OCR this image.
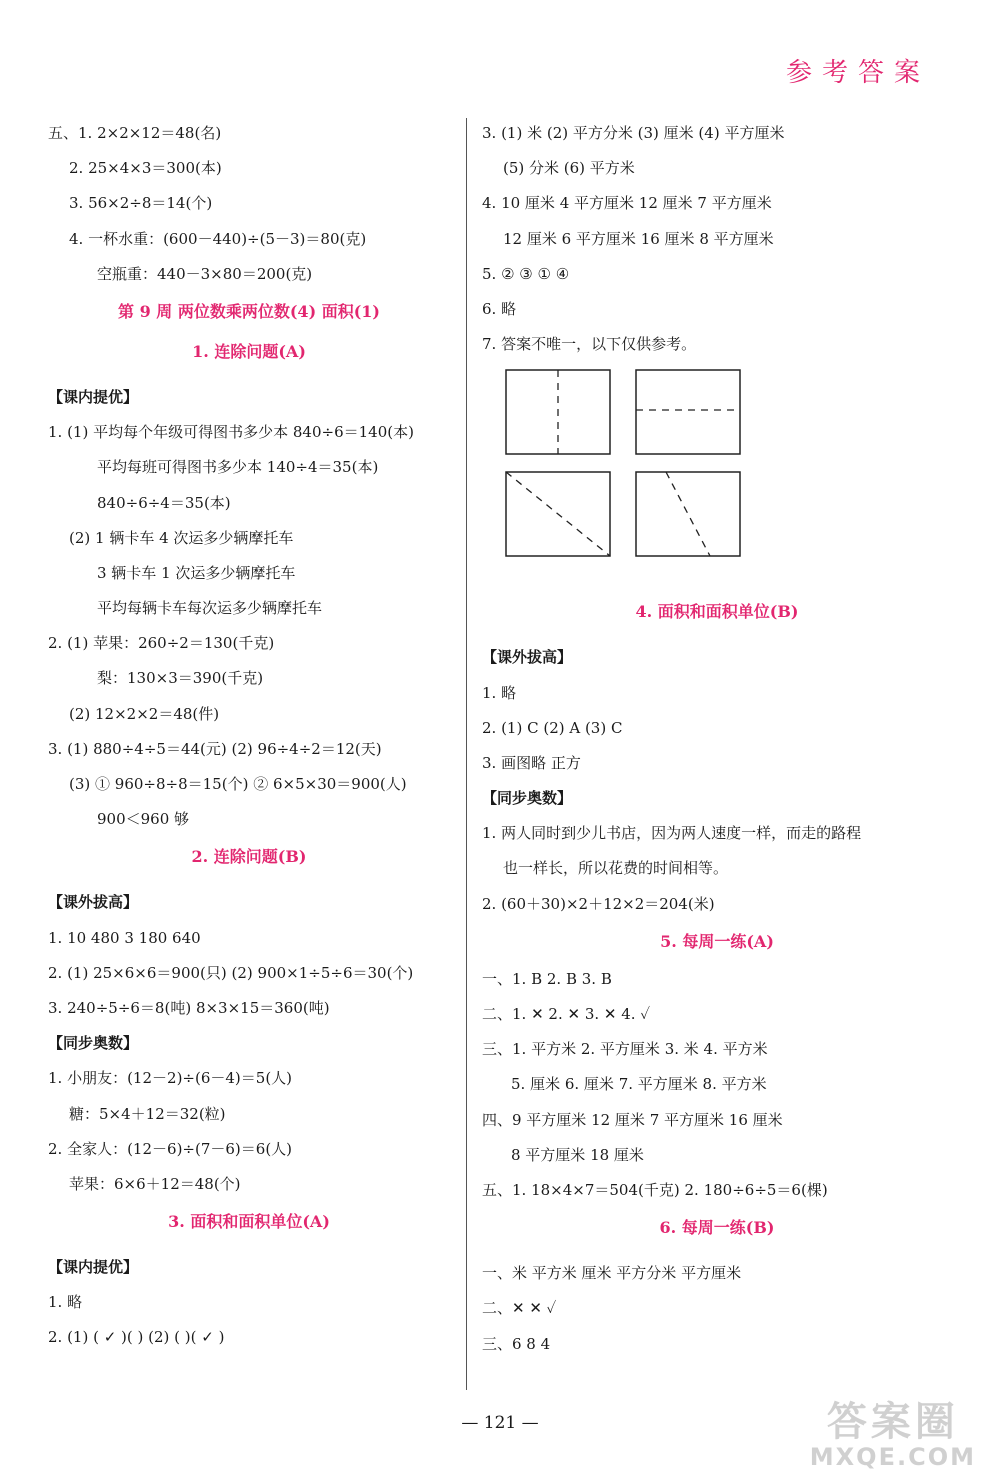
参考答案
五、1. 2×2×12＝48(名)
2. 25×4×3＝300(本)
3. 56×2÷8＝14(个)
4. 一杯水重：(600－440)÷(5－3)＝80(克)
空瓶重：440－3×80＝200(克)
第 9 周 两位数乘两位数(4) 面积(1)
1. 连除问题(A)
【课内提优】
1. (1) 平均每个年级可得图书多少本 840÷6＝140(本)
平均每班可得图书多少本 140÷4＝35(本)
840÷6÷4＝35(本)
(2) 1 辆卡车 4 次运多少辆摩托车
3 辆卡车 1 次运多少辆摩托车
平均每辆卡车每次运多少辆摩托车
2. (1) 苹果：260÷2＝130(千克)
梨：130×3＝390(千克)
(2) 12×2×2＝48(件)
3. (1) 880÷4÷5＝44(元) (2) 96÷4÷2＝12(天)
(3) ① 960÷8÷8＝15(个) ② 6×5×30＝900(人)
900＜960 够
2. 连除问题(B)
【课外拔高】
1. 10 480 3 180 640
2. (1) 25×6×6＝900(只) (2) 900×1÷5÷6＝30(个)
3. 240÷5÷6＝8(吨) 8×3×15＝360(吨)
【同步奥数】
1. 小朋友：(12－2)÷(6－4)＝5(人)
糖：5×4＋12＝32(粒)
2. 全家人：(12－6)÷(7－6)＝6(人)
苹果：6×6＋12＝48(个)
3. 面积和面积单位(A)
【课内提优】
1. 略
2. (1) ( ✓ )( ) (2) ( )( ✓ )
3. (1) 米 (2) 平方分米 (3) 厘米 (4) 平方厘米
(5) 分米 (6) 平方米
4. 10 厘米 4 平方厘米 12 厘米 7 平方厘米
12 厘米 6 平方厘米 16 厘米 8 平方厘米
5. ② ③ ① ④
6. 略
7. 答案不唯一，以下仅供参考。
4. 面积和面积单位(B)
【课外拔高】
1. 略
2. (1) C (2) A (3) C
3. 画图略 正方
【同步奥数】
1. 两人同时到少儿书店，因为两人速度一样，而走的路程
也一样长，所以花费的时间相等。
2. (60＋30)×2＋12×2＝204(米)
5. 每周一练(A)
一、1. B 2. B 3. B
二、1. ✕ 2. ✕ 3. ✕ 4. ✓
三、1. 平方米 2. 平方厘米 3. 米 4. 平方米
5. 厘米 6. 厘米 7. 平方厘米 8. 平方米
四、9 平方厘米 12 厘米 7 平方厘米 16 厘米
8 平方厘米 18 厘米
五、1. 18×4×7＝504(千克) 2. 180÷6÷5＝6(棵)
6. 每周一练(B)
一、米 平方米 厘米 平方分米 平方厘米
二、✕ ✕ ✓
三、6 8 4
— 121 —	答案圈
MXQE.COM
